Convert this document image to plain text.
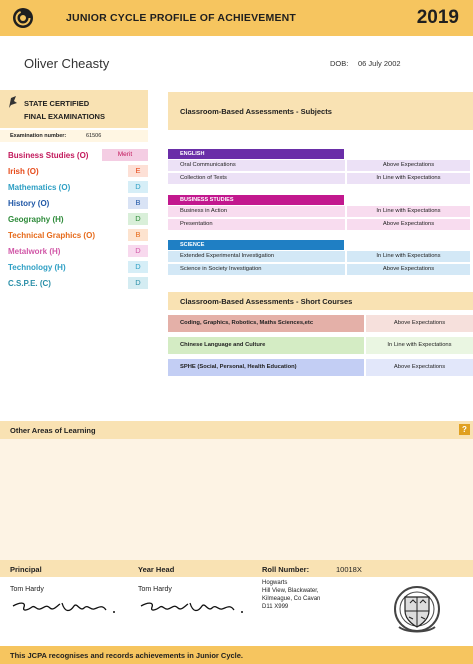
JUNIOR CYCLE PROFILE OF ACHIEVEMENT	2019
Oliver Cheasty	DOB: 06 July 2002
STATE CERTIFIED
FINAL EXAMINATIONS
Examination number:	61506
Business Studies (O)	Merit
Irish (O)	E
Mathematics (O)	D
History (O)	B
Geography (H)	D
Technical Graphics (O)	B
Metalwork (H)	D
Technology (H)	D
C.S.P.E. (C)	D
Classroom-Based Assessments - Subjects
ENGLISH
Oral Communications	Above Expectations
Collection of Texts	In Line with Expectations
BUSINESS STUDIES
Business in Action	In Line with Expectations
Presentation	Above Expectations
SCIENCE
Extended Experimental Investigation	In Line with Expectations
Science in Society Investigation	Above Expectations
Classroom-Based Assessments - Short Courses
Coding, Graphics, Robotics, Maths Sciences,etc	Above Expectations
Chinese Language and Culture	In Line with Expectations
SPHE (Social, Personal, Health Education)	Above Expectations
Other Areas of Learning	?
Principal	Year Head	Roll Number:	10018X
Tom Hardy	Tom Hardy
Hogwarts
Hill View, Blackwater,
Kilmeague, Co Cavan
D11 X999
This JCPA recognises and records achievements in Junior Cycle.
